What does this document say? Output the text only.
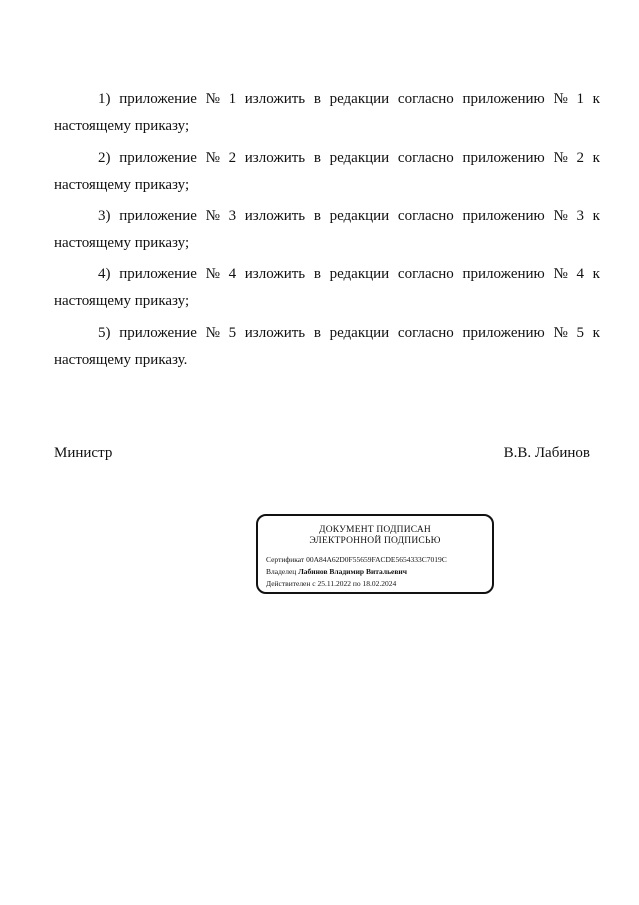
1) приложение № 1 изложить в редакции согласно приложению № 1 к
настоящему приказу;
2) приложение № 2 изложить в редакции согласно приложению № 2 к
настоящему приказу;
3) приложение № 3 изложить в редакции согласно приложению № 3 к
настоящему приказу;
4) приложение № 4 изложить в редакции согласно приложению № 4 к
настоящему приказу;
5) приложение № 5 изложить в редакции согласно приложению № 5 к
настоящему приказу.
Министр	В.В. Лабинов
ДОКУМЕНТ ПОДПИСАН
ЭЛЕКТРОННОЙ ПОДПИСЬЮ
Сертификат 00A84A62D0F55659FACDE5654333C7019C
Владелец Лабинов Владимир Витальевич
Действителен с 25.11.2022 по 18.02.2024
